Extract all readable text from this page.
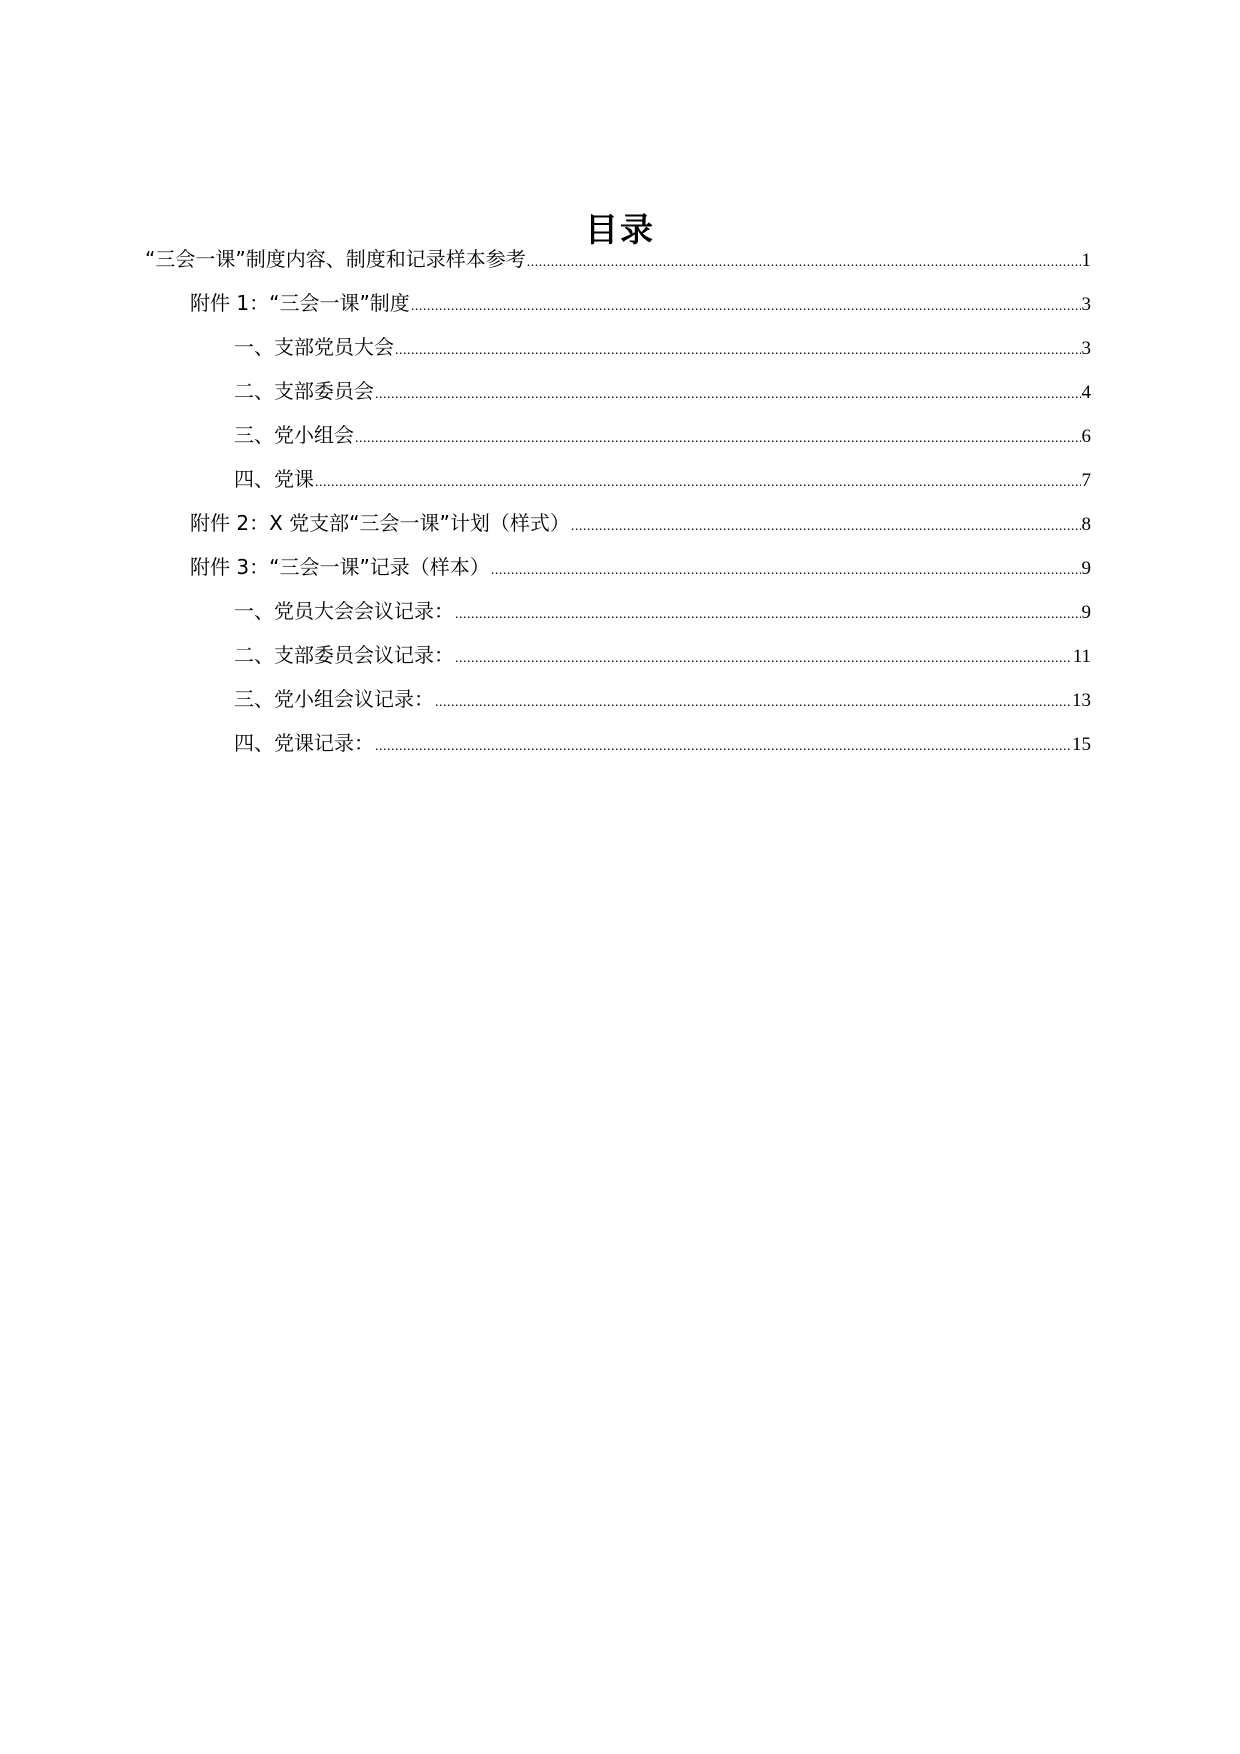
目录
“三会一课”制度内容、制度和记录样本参考 .....	1
附件 1：“三会一课”制度 .....	3
一、支部党员大会 .....	3
二、支部委员会 .....	4
三、党小组会 .....	6
四、党课 .....	7
附件 2：X 党支部“三会一课”计划（样式） .....	8
附件 3：“三会一课”记录（样本） .....	9
一、党员大会会议记录： .....	9
二、支部委员会议记录： .....	11
三、党小组会议记录： .....	13
四、党课记录： .....	15
